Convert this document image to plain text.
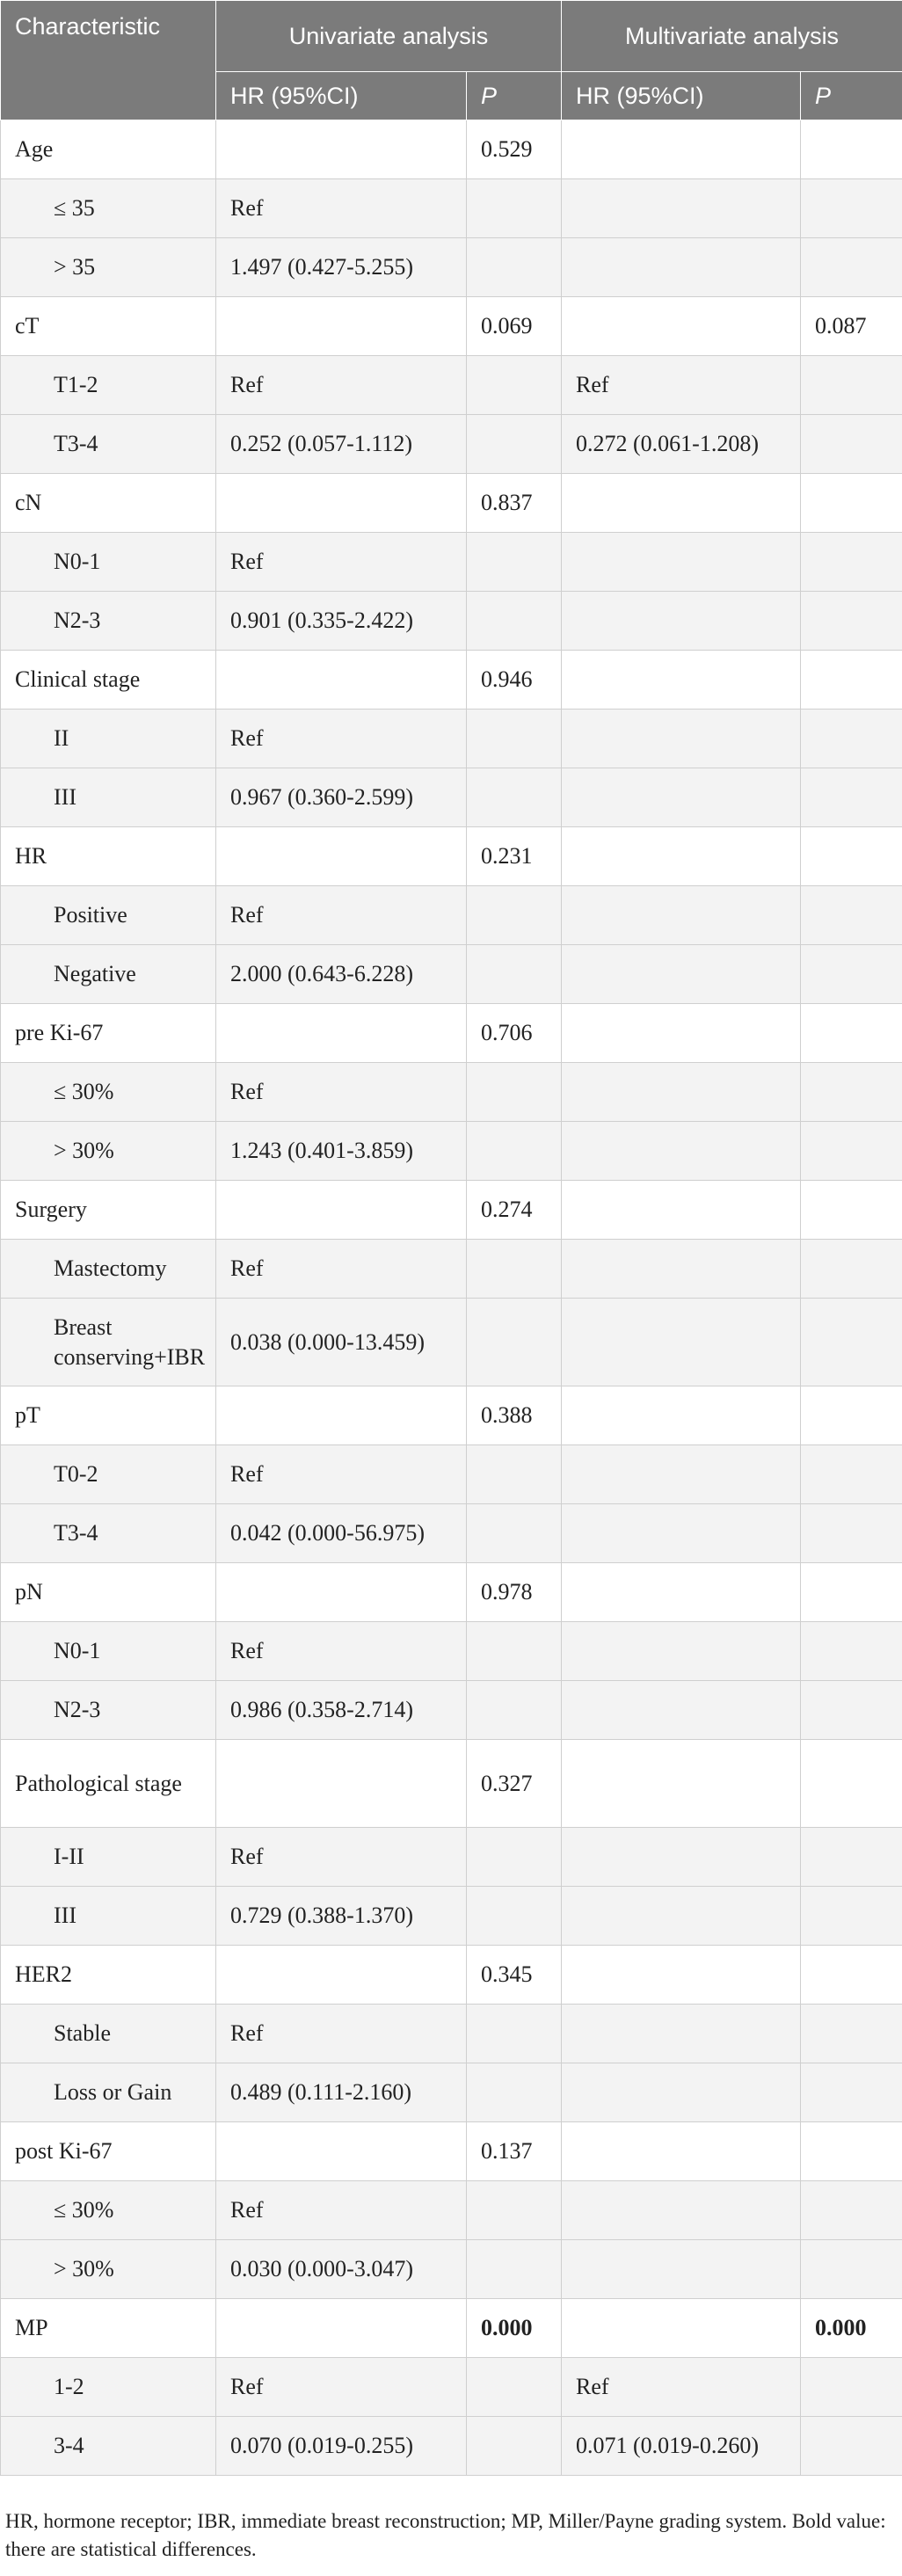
Characteristic	Univariate analysis		Multivariate analysis	
	HR (95%CI)	P	HR (95%CI)	P
Age		0.529		
≤ 35	Ref			
> 35	1.497 (0.427-5.255)			
cT		0.069		0.087
T1-2	Ref		Ref	
T3-4	0.252 (0.057-1.112)		0.272 (0.061-1.208)	
cN		0.837		
N0-1	Ref			
N2-3	0.901 (0.335-2.422)			
Clinical stage		0.946		
II	Ref			
III	0.967 (0.360-2.599)			
HR		0.231		
Positive	Ref			
Negative	2.000 (0.643-6.228)			
pre Ki-67		0.706		
≤ 30%	Ref			
> 30%	1.243 (0.401-3.859)			
Surgery		0.274		
Mastectomy	Ref			
Breast conserving+IBR	0.038 (0.000-13.459)			
pT		0.388		
T0-2	Ref			
T3-4	0.042 (0.000-56.975)			
pN		0.978		
N0-1	Ref			
N2-3	0.986 (0.358-2.714)			
Pathological stage		0.327		
I-II	Ref			
III	0.729 (0.388-1.370)			
HER2		0.345		
Stable	Ref			
Loss or Gain	0.489 (0.111-2.160)			
post Ki-67		0.137		
≤ 30%	Ref			
> 30%	0.030 (0.000-3.047)			
MP		0.000		0.000
1-2	Ref		Ref	
3-4	0.070 (0.019-0.255)		0.071 (0.019-0.260)	
HR, hormone receptor; IBR, immediate breast reconstruction; MP, Miller/Payne grading system. Bold value: there are statistical differences.
